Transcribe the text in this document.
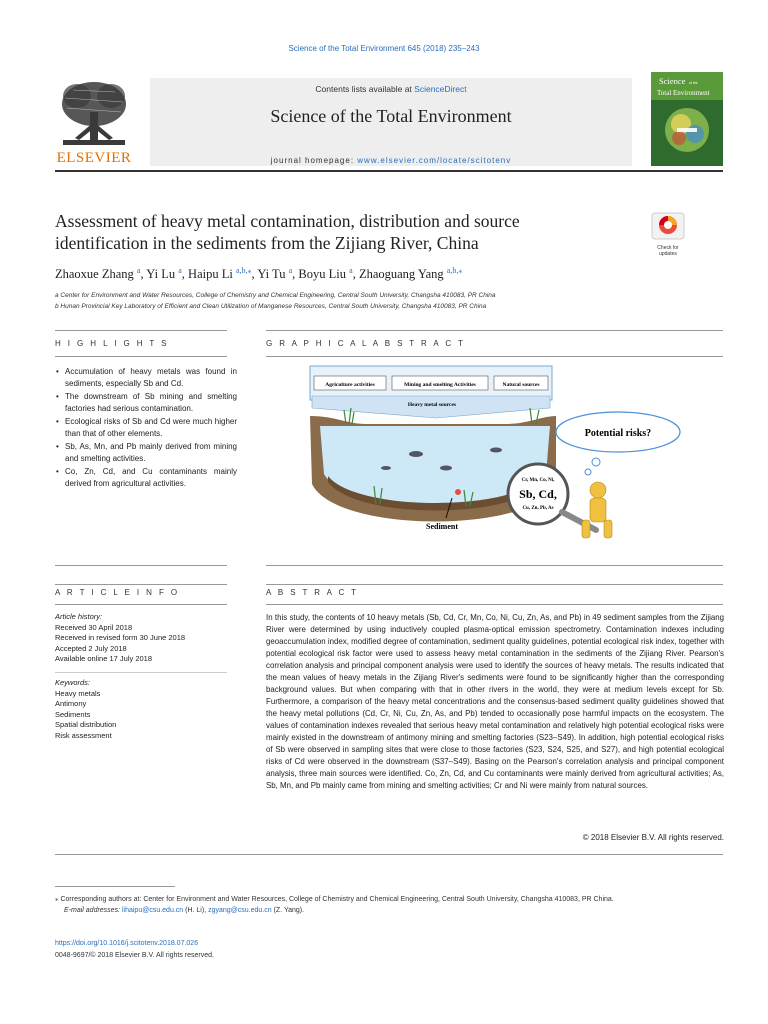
Science of the Total Environment 645 (2018) 235–243
ELSEVIER
Contents lists available at ScienceDirect
Science of the Total Environment
journal homepage: www.elsevier.com/locate/scitotenv
Science of the
Total Environment
Assessment of heavy metal contamination, distribution and source
identification in the sediments from the Zijiang River, China	Check for updates
Zhaoxue Zhang $^a$, Yi Lu $^a$, Haipu Li $^{a,b,⁎}$, Yi Tu $^a$, Boyu Liu $^a$, Zhaoguang Yang $^{a,b,⁎}$
a Center for Environment and Water Resources, College of Chemistry and Chemical Engineering, Central South University, Changsha 410083, PR China
b Hunan Provincial Key Laboratory of Efficient and Clean Utilization of Manganese Resources, Central South University, Changsha 410083, PR China
H I G H L I G H T S
• Accumulation of heavy metals was found in sediments, especially Sb and Cd.
• The downstream of Sb mining and smelting factories had serious contamination.
• Ecological risks of Sb and Cd were much higher than that of other elements.
• Sb, As, Mn, and Pb mainly derived from mining and smelting activities.
• Co, Zn, Cd, and Cu contaminants mainly derived from agricultural activities.
G R A P H I C A L A B S T R A C T
Agriculture activities	Mining and smelting Activities	Natural sources
Heavy metal sources
Sediment
Potential risks?
Cr, Mn, Co, Ni,
Sb, Cd,
Cu, Zn, Pb, As
A R T I C L E I N F O
Article history:
Received 30 April 2018
Received in revised form 30 June 2018
Accepted 2 July 2018
Available online 17 July 2018
Keywords:
Heavy metals
Antimony
Sediments
Spatial distribution
Risk assessment
A B S T R A C T
In this study, the contents of 10 heavy metals (Sb, Cd, Cr, Mn, Co, Ni, Cu, Zn, As, and Pb) in 49 sediment samples from the Zijiang River were determined by using inductively coupled plasma-optical emission spectrometry. Contamination indexes including geoaccumulation index, modified degree of contamination, sediment quality guidelines, potential ecological risk index, together with potential ecological risk factor were used to assess heavy metal contamination in the sediments of the Zijiang River. Pearson's correlation analysis and principal component analysis were used to identify the sources of heavy metals. The results indicated that the mean values of heavy metals in the Zijiang River's sediments were found to be significantly higher than the corresponding background values. But when comparing with that in other rivers in the world, they were at medium levels except for Sb. Furthermore, a comparison of the heavy metal concentrations and the consensus-based sediment quality guidelines showed that the heavy metal pollutions (Cd, Cr, Ni, Cu, Zn, As, and Pb) tended to occasionally pose harmful impacts on the ecosystem. The values of contamination indexes revealed that serious heavy metal contamination and relatively high potential ecological risks were mainly existed in the downstream of antimony mining and smelting factories (S23–S49). In addition, high potential ecological risks of Sb were observed in sampling sites that were close to those factories (S23, S24, S25, and S27), and high potential ecological risks of Cd were observed in the downstream (S37–S49). Basing on the Pearson's correlation analysis and principal component analysis, three main sources were identified. Co, Zn, Cd, and Cu contaminants were mainly derived from agricultural activities; As, Sb, Mn, and Pb mainly came from mining and smelting activities; Cr and Ni were mainly from natural sources.
© 2018 Elsevier B.V. All rights reserved.
⁎ Corresponding authors at: Center for Environment and Water Resources, College of Chemistry and Chemical Engineering, Central South University, Changsha 410083, PR China.
E-mail addresses: lihaipu@csu.edu.cn (H. Li), zgyang@csu.edu.cn (Z. Yang).
https://doi.org/10.1016/j.scitotenv.2018.07.026
0048-9697/© 2018 Elsevier B.V. All rights reserved.
